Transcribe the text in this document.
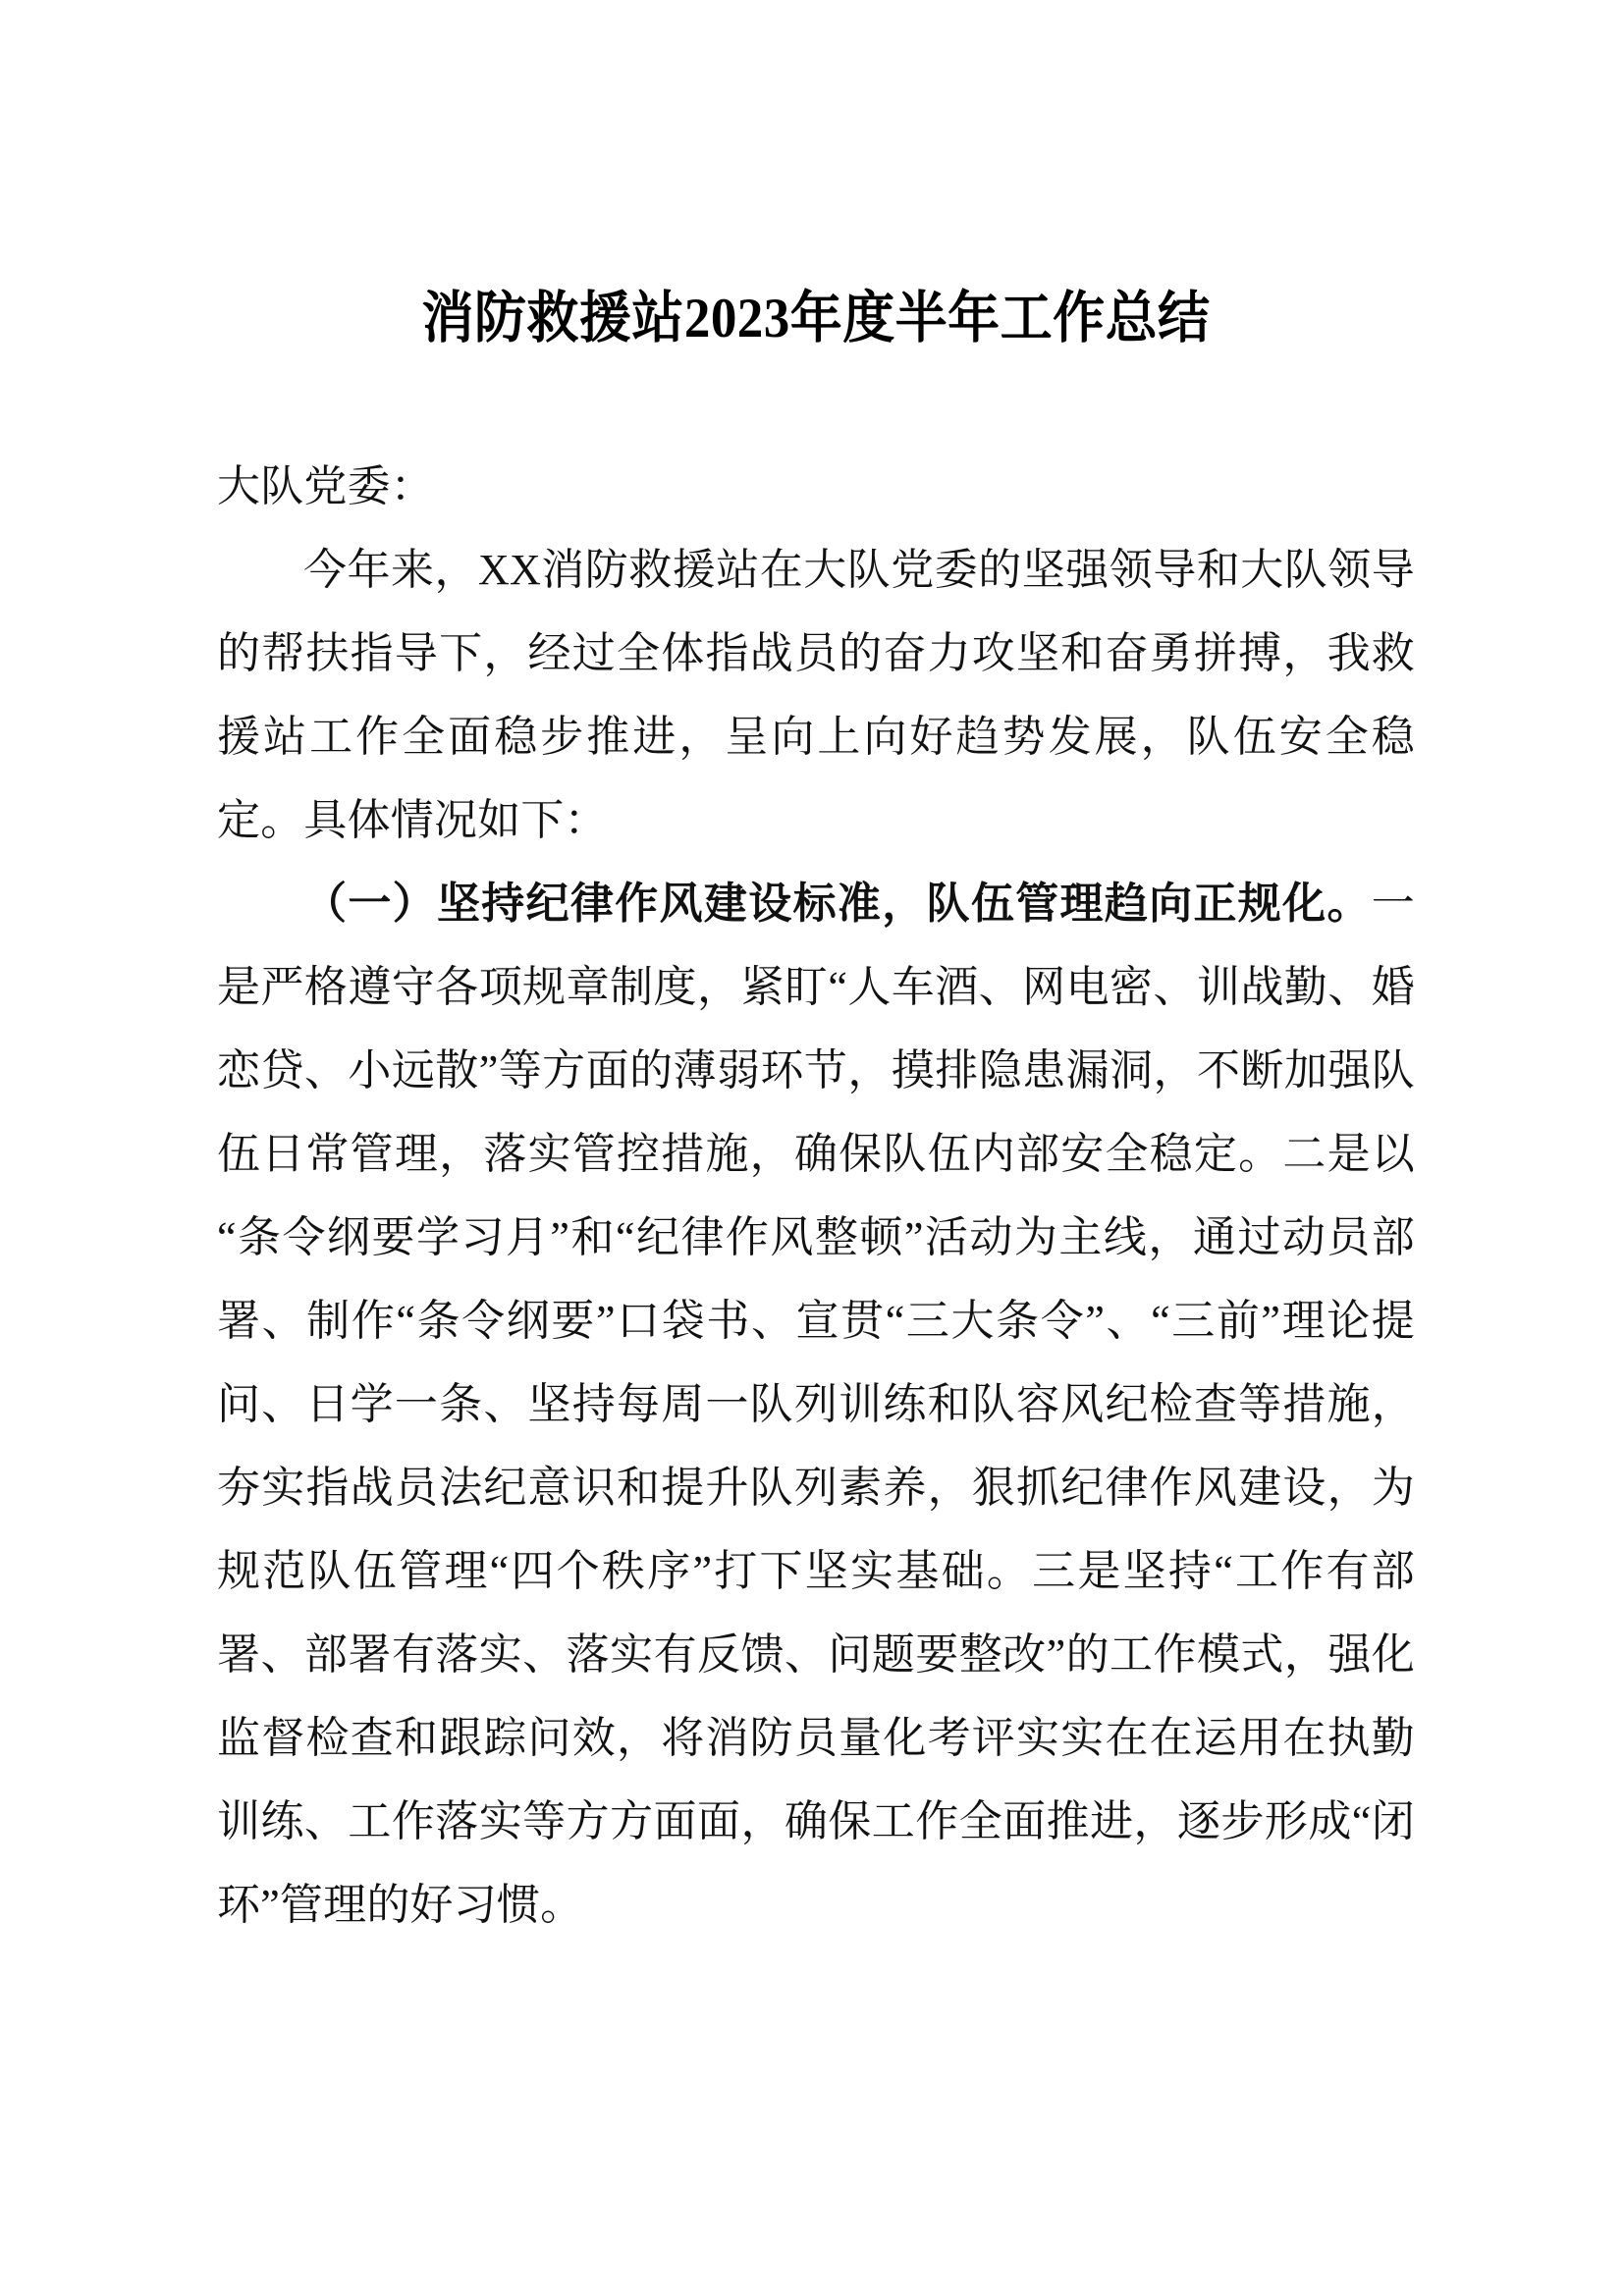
消防救援站2023年度半年工作总结

大队党委：

今年来，XX消防救援站在大队党委的坚强领导和大队领导的帮扶指导下，经过全体指战员的奋力攻坚和奋勇拼搏，我救援站工作全面稳步推进，呈向上向好趋势发展，队伍安全稳定。具体情况如下：

（一）坚持纪律作风建设标准，队伍管理趋向正规化。一是严格遵守各项规章制度，紧盯“人车酒、网电密、训战勤、婚恋贷、小远散”等方面的薄弱环节，摸排隐患漏洞，不断加强队伍日常管理，落实管控措施，确保队伍内部安全稳定。二是以“条令纲要学习月”和“纪律作风整顿”活动为主线，通过动员部署、制作“条令纲要”口袋书、宣贯“三大条令”、“三前”理论提问、日学一条、坚持每周一队列训练和队容风纪检查等措施，夯实指战员法纪意识和提升队列素养，狠抓纪律作风建设，为规范队伍管理“四个秩序”打下坚实基础。三是坚持“工作有部署、部署有落实、落实有反馈、问题要整改”的工作模式，强化监督检查和跟踪问效，将消防员量化考评实实在在运用在执勤训练、工作落实等方方面面，确保工作全面推进，逐步形成“闭环”管理的好习惯。
